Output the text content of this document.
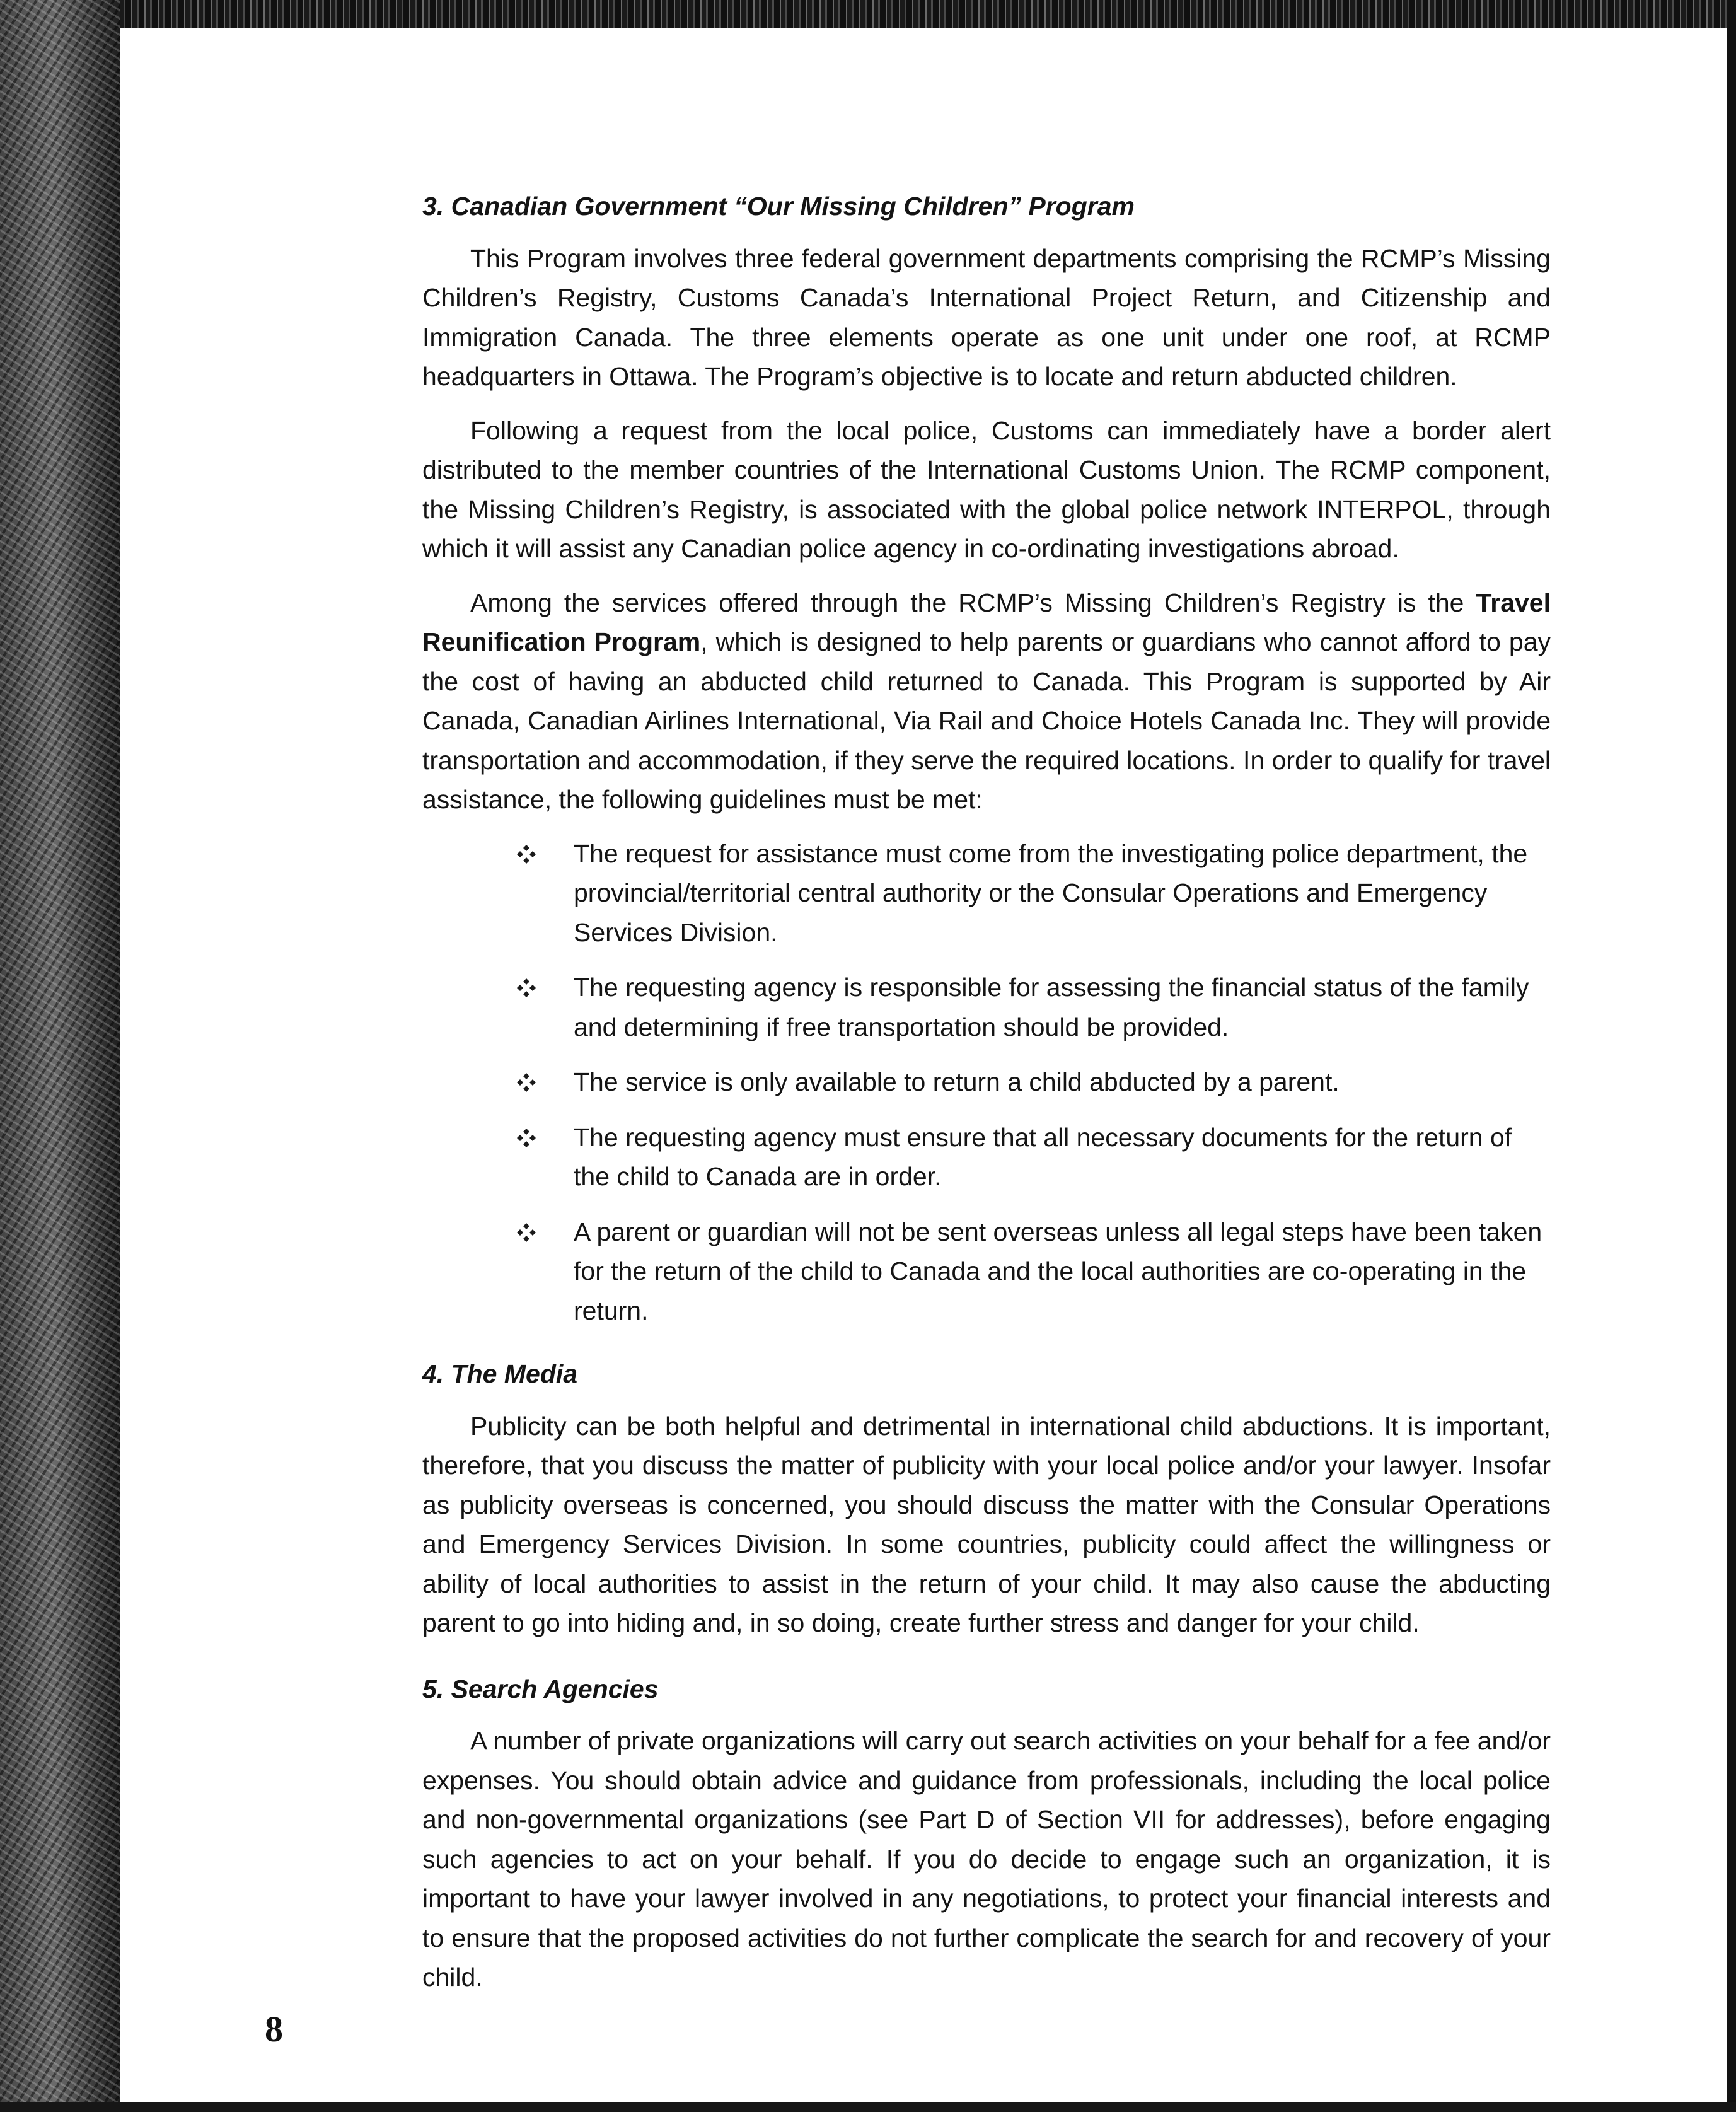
3. Canadian Government “Our Missing Children” Program

This Program involves three federal government departments comprising the RCMP’s Missing Children’s Registry, Customs Canada’s International Project Return, and Citizenship and Immigration Canada. The three elements operate as one unit under one roof, at RCMP headquarters in Ottawa. The Program’s objective is to locate and return abducted children.

Following a request from the local police, Customs can immediately have a border alert distributed to the member countries of the International Customs Union. The RCMP component, the Missing Children’s Registry, is associated with the global police network INTERPOL, through which it will assist any Canadian police agency in co-ordinating investigations abroad.

Among the services offered through the RCMP’s Missing Children’s Registry is the Travel Reunification Program, which is designed to help parents or guardians who cannot afford to pay the cost of having an abducted child returned to Canada. This Program is supported by Air Canada, Canadian Airlines International, Via Rail and Choice Hotels Canada Inc. They will provide transportation and accommodation, if they serve the required locations. In order to qualify for travel assistance, the following guidelines must be met:

The request for assistance must come from the investigating police department, the provincial/territorial central authority or the Consular Operations and Emergency Services Division.
The requesting agency is responsible for assessing the financial status of the family and determining if free transportation should be provided.
The service is only available to return a child abducted by a parent.
The requesting agency must ensure that all necessary documents for the return of the child to Canada are in order.
A parent or guardian will not be sent overseas unless all legal steps have been taken for the return of the child to Canada and the local authorities are co-operating in the return.
4. The Media

Publicity can be both helpful and detrimental in international child abductions. It is important, therefore, that you discuss the matter of publicity with your local police and/or your lawyer. Insofar as publicity overseas is concerned, you should discuss the matter with the Consular Operations and Emergency Services Division. In some countries, publicity could affect the willingness or ability of local authorities to assist in the return of your child. It may also cause the abducting parent to go into hiding and, in so doing, create further stress and danger for your child.

5. Search Agencies

A number of private organizations will carry out search activities on your behalf for a fee and/or expenses. You should obtain advice and guidance from professionals, including the local police and non-governmental organizations (see Part D of Section VII for addresses), before engaging such agencies to act on your behalf. If you do decide to engage such an organization, it is important to have your lawyer involved in any negotiations, to protect your financial interests and to ensure that the proposed activities do not further complicate the search for and recovery of your child.

8
